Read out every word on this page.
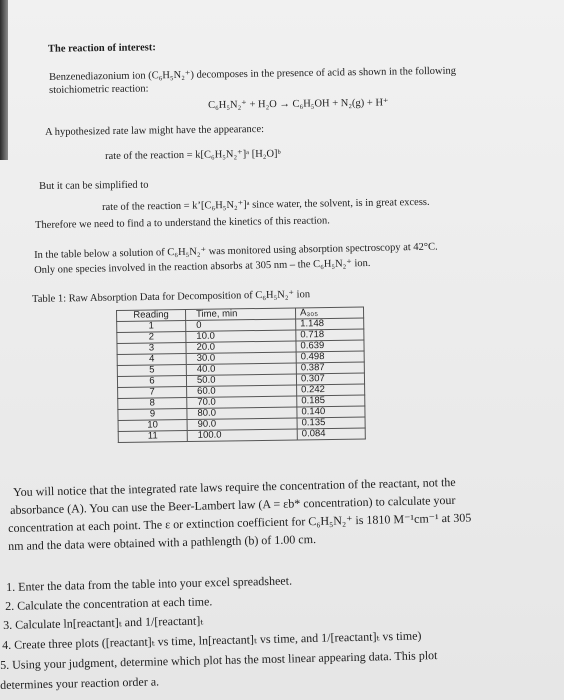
The reaction of interest:
Benzenediazonium ion (C₆H₅N₂⁺) decomposes in the presence of acid as shown in the following
stoichiometric reaction:
C₆H₅N₂⁺ + H₂O → C₆H₅OH + N₂(g) + H⁺
A hypothesized rate law might have the appearance:
rate of the reaction = k[C₆H₅N₂⁺]ᵃ [H₂O]ᵇ
But it can be simplified to
rate of the reaction = k’[C₆H₅N₂⁺]ᵃ since water, the solvent, is in great excess.
Therefore we need to find a to understand the kinetics of this reaction.
In the table below a solution of C₆H₅N₂⁺ was monitored using absorption spectroscopy at 42°C.
Only one species involved in the reaction absorbs at 305 nm – the C₆H₅N₂⁺ ion.
Table 1: Raw Absorption Data for Decomposition of C₆H₅N₂⁺ ion
Reading	Time, min	A₃₀₅
1	0	1.148
2	10.0	0.718
3	20.0	0.639
4	30.0	0.498
5	40.0	0.387
6	50.0	0.307
7	60.0	0.242
8	70.0	0.185
9	80.0	0.140
10	90.0	0.135
11	100.0	0.084
You will notice that the integrated rate laws require the concentration of the reactant, not the
absorbance (A). You can use the Beer-Lambert law (A = εb* concentration) to calculate your
concentration at each point. The ε or extinction coefficient for C₆H₅N₂⁺ is 1810 M⁻¹cm⁻¹ at 305
nm and the data were obtained with a pathlength (b) of 1.00 cm.
1. Enter the data from the table into your excel spreadsheet.
2. Calculate the concentration at each time.
3. Calculate ln[reactant]ₜ and 1/[reactant]ₜ
4. Create three plots ([reactant]ₜ vs time, ln[reactant]ₜ vs time, and 1/[reactant]ₜ vs time)
5. Using your judgment, determine which plot has the most linear appearing data. This plot
determines your reaction order a.
